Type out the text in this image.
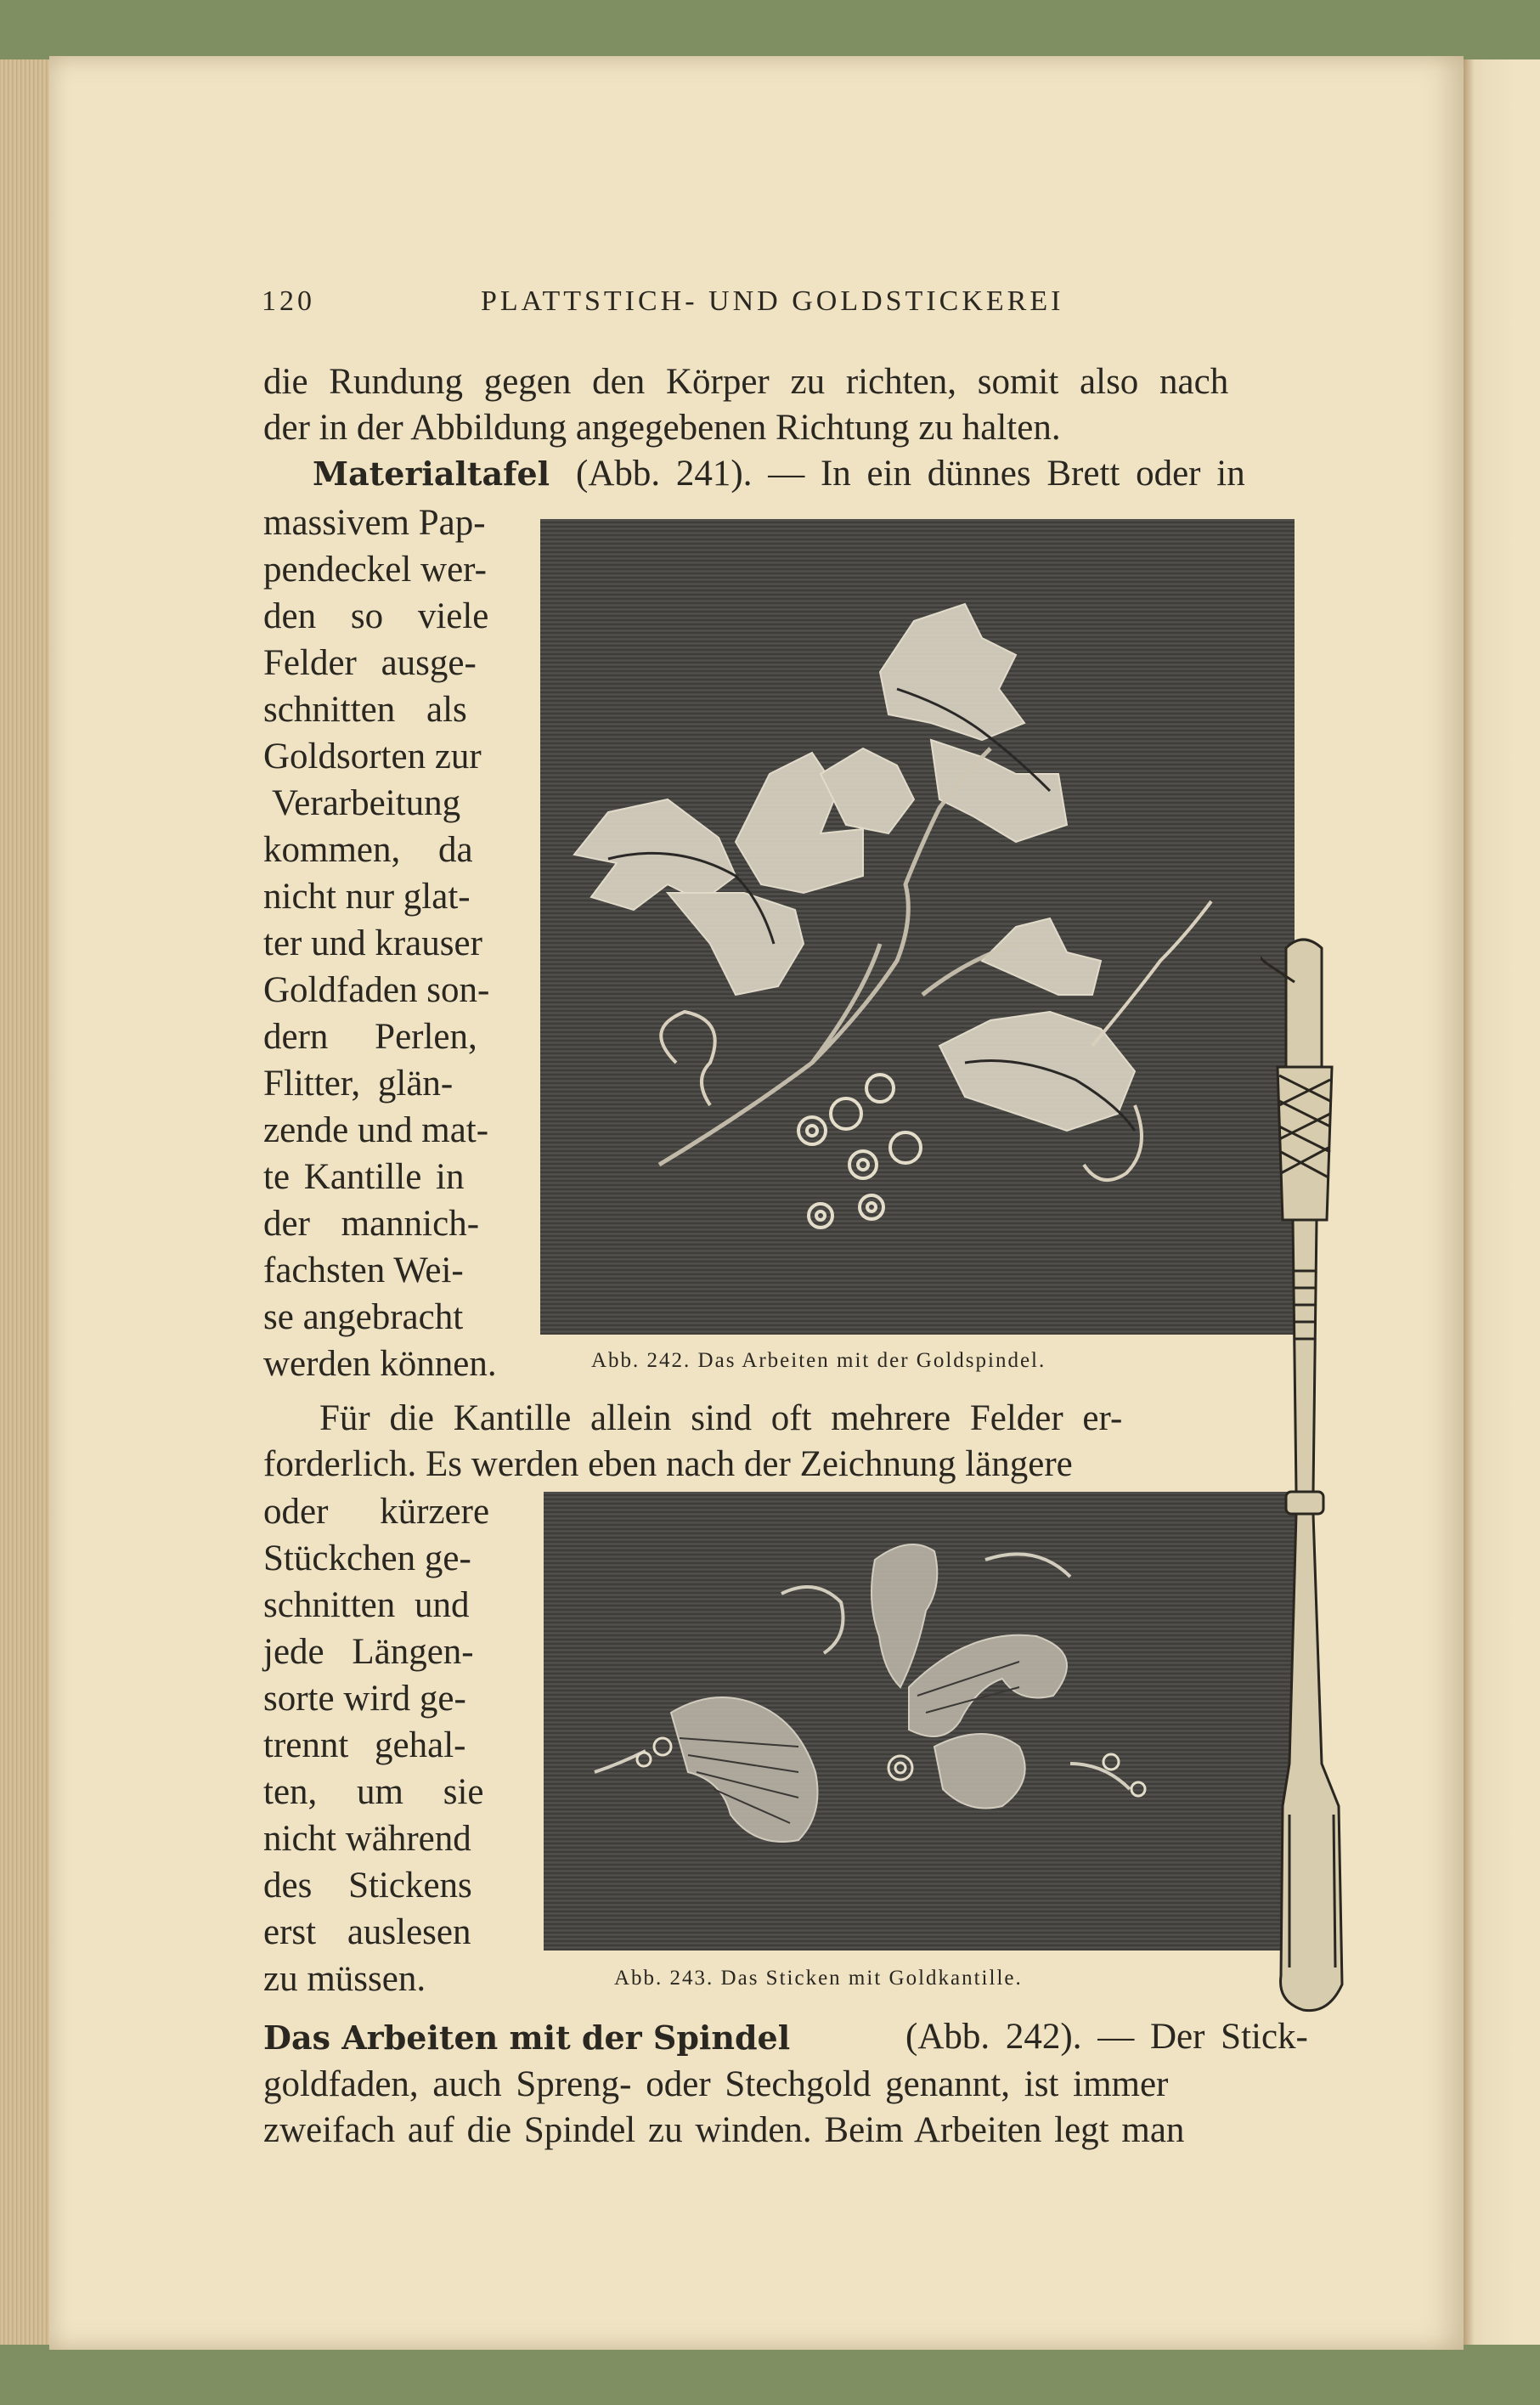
120	PLATTSTICH- UND GOLDSTICKEREI
die Rundung gegen den Körper zu richten, somit also nach
der in der Abbildung angegebenen Richtung zu halten.
Materialtafel (Abb. 241). — In ein dünnes Brett oder in
massivem Pap-
pendeckel wer-
den so viele
Felder ausge-
schnitten als
Goldsorten zur
Verarbeitung
kommen, da
nicht nur glat-
ter und krauser
Goldfaden son-
dern Perlen,
Flitter, glän-
zende und mat-
te Kantille in
der mannich-
fachsten Wei-
se angebracht
werden können.	Abb. 242. Das Arbeiten mit der Goldspindel.
Für die Kantille allein sind oft mehrere Felder er-
forderlich. Es werden eben nach der Zeichnung längere
oder kürzere
Stückchen ge-
schnitten und
jede Längen-
sorte wird ge-
trennt gehal-
ten, um sie
nicht während
des Stickens
erst auslesen
zu müssen.	Abb. 243. Das Sticken mit Goldkantille.
Das Arbeiten mit der Spindel	(Abb. 242). — Der Stick-
goldfaden, auch Spreng- oder Stechgold genannt, ist immer
zweifach auf die Spindel zu winden. Beim Arbeiten legt man
